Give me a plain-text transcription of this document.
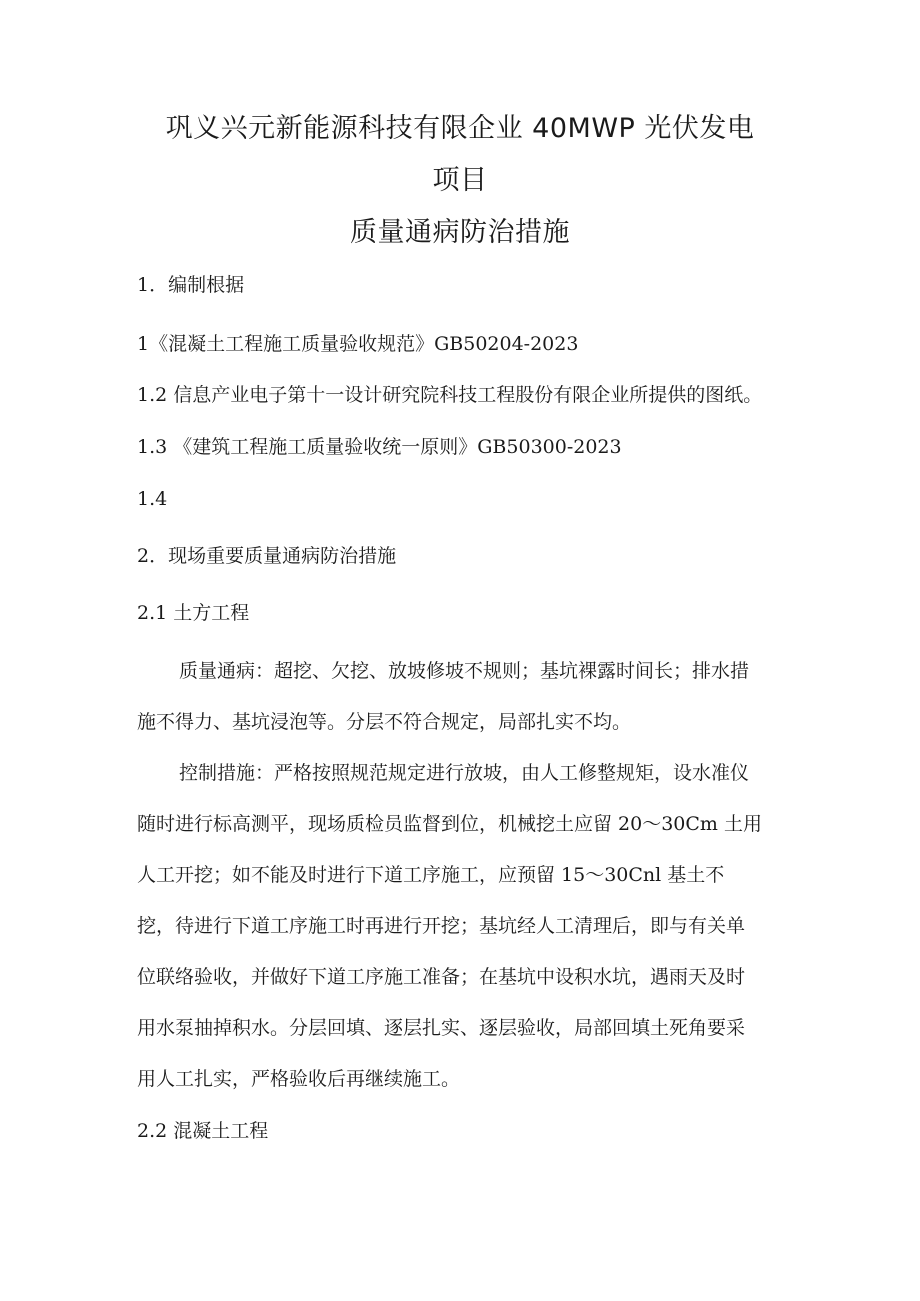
巩义兴元新能源科技有限企业 40MWP 光伏发电
项目
质量通病防治措施
1．编制根据
1《混凝土工程施工质量验收规范》GB50204-2023
1.2 信息产业电子第十一设计研究院科技工程股份有限企业所提供的图纸。
1.3 《建筑工程施工质量验收统一原则》GB50300-2023
1.4
2．现场重要质量通病防治措施
2.1 土方工程
质量通病：超挖、欠挖、放坡修坡不规则；基坑裸露时间长；排水措
施不得力、基坑浸泡等。分层不符合规定，局部扎实不均。
控制措施：严格按照规范规定进行放坡，由人工修整规矩，设水准仪
随时进行标高测平，现场质检员监督到位，机械挖土应留 20～30Cm 土用
人工开挖；如不能及时进行下道工序施工，应预留 15～30Cnl 基土不
挖，待进行下道工序施工时再进行开挖；基坑经人工清理后，即与有关单
位联络验收，并做好下道工序施工准备；在基坑中设积水坑，遇雨天及时
用水泵抽掉积水。分层回填、逐层扎实、逐层验收，局部回填土死角要采
用人工扎实，严格验收后再继续施工。
2.2 混凝土工程
